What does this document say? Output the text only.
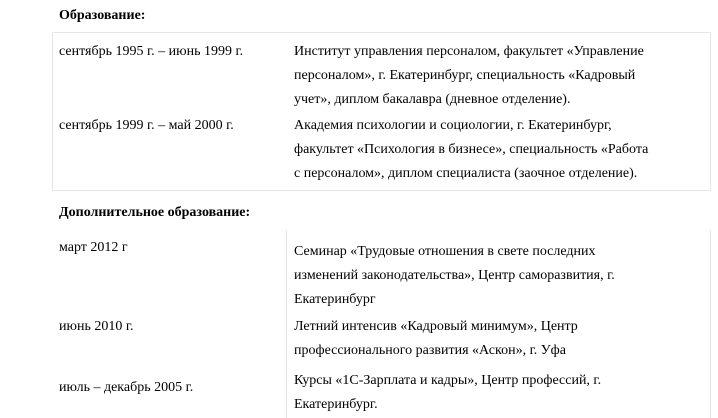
Образование:
сентябрь 1995 г. – июнь 1999 г.	Институт управления персоналом, факультет «Управление
персоналом», г. Екатеринбург, специальность «Кадровый
учет», диплом бакалавра (дневное отделение).
сентябрь 1999 г. – май 2000 г.	Академия психологии и социологии, г. Екатеринбург,
факультет «Психология в бизнесе», специальность «Работа
с персоналом», диплом специалиста (заочное отделение).
Дополнительное образование:
март 2012 г	Семинар «Трудовые отношения в свете последних
изменений законодательства», Центр саморазвития, г.
Екатеринбург
июнь 2010 г.	Летний интенсив «Кадровый минимум», Центр
профессионального развития «Аскон», г. Уфа
июль – декабрь 2005 г.	Курсы «1С-Зарплата и кадры», Центр профессий, г.
Екатеринбург.
